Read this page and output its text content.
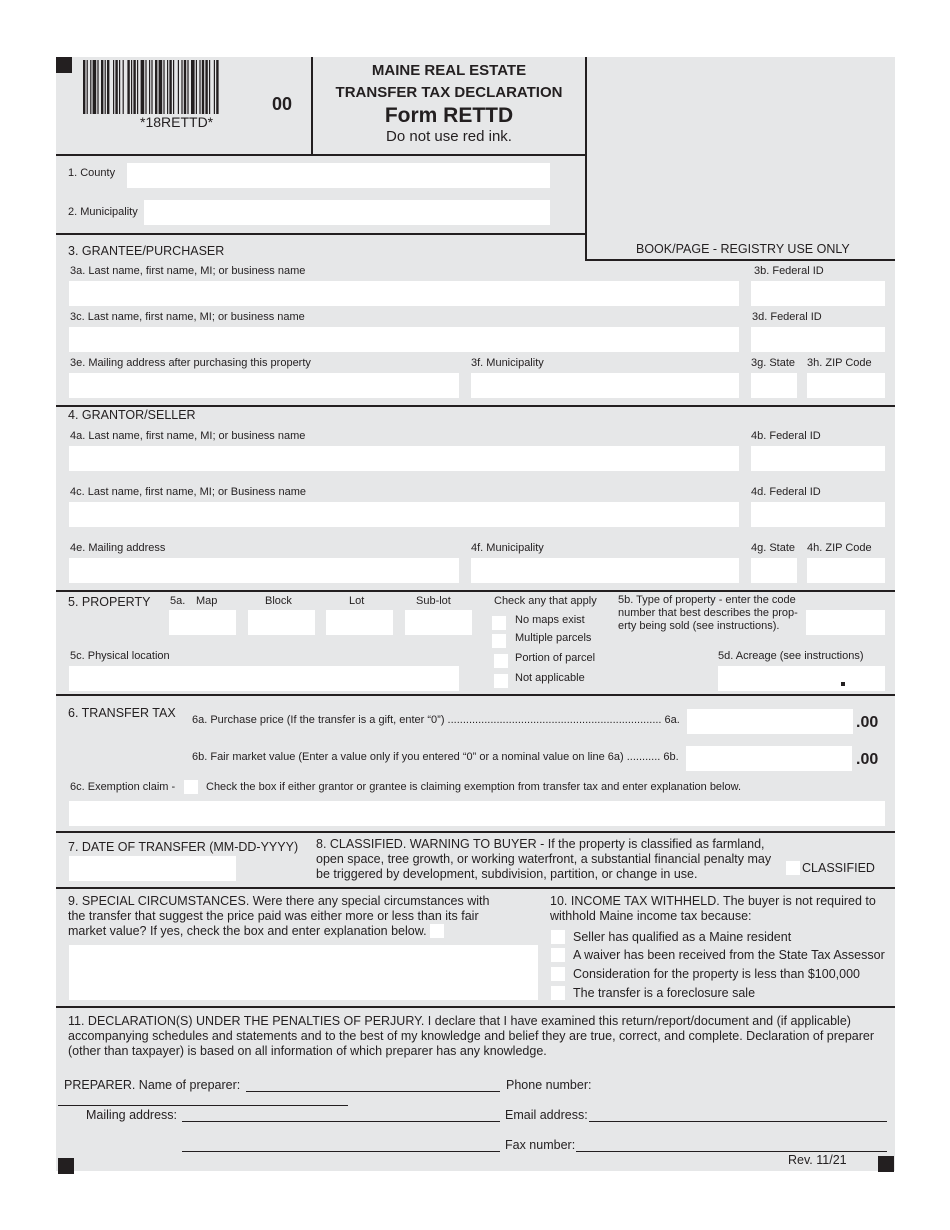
*18RETTD*
00
MAINE REAL ESTATE
TRANSFER TAX DECLARATION
Form RETTD
Do not use red ink.
1. County
2. Municipality
BOOK/PAGE - REGISTRY USE ONLY
3. GRANTEE/PURCHASER
3a. Last name, first name, MI; or business name	3b. Federal ID
3c. Last name, first name, MI; or business name	3d. Federal ID
3e. Mailing address after purchasing this property	3f. Municipality	3g. State 3h. ZIP Code
4. GRANTOR/SELLER
4a. Last name, first name, MI; or business name	4b. Federal ID
4c. Last name, first name, MI; or Business name	4d. Federal ID
4e. Mailing address	4f. Municipality	4g. State 4h. ZIP Code
5. PROPERTY 5a. Map	Block	Lot	Sub-lot	Check any that apply
No maps exist
Multiple parcels
Portion of parcel
Not applicable
5b. Type of property - enter the code
number that best describes the prop-
erty being sold (see instructions).
5c. Physical location	5d. Acreage (see instructions)
6. TRANSFER TAX 6a. Purchase price (If the transfer is a gift, enter “0”) ...................................................................... 6a.	.00
6b. Fair market value (Enter a value only if you entered “0” or a nominal value on line 6a) ........... 6b.	.00
6c. Exemption claim -	Check the box if either grantor or grantee is claiming exemption from transfer tax and enter explanation below.
7. DATE OF TRANSFER (MM-DD-YYYY) 8. CLASSIFIED. WARNING TO BUYER - If the property is classified as farmland,
open space, tree growth, or working waterfront, a substantial financial penalty may
be triggered by development, subdivision, partition, or change in use.	CLASSIFIED
9. SPECIAL CIRCUMSTANCES. Were there any special circumstances with
the transfer that suggest the price paid was either more or less than its fair
market value? If yes, check the box and enter explanation below.
10. INCOME TAX WITHHELD. The buyer is not required to
withhold Maine income tax because:
Seller has qualified as a Maine resident
A waiver has been received from the State Tax Assessor
Consideration for the property is less than $100,000
The transfer is a foreclosure sale
11. DECLARATION(S) UNDER THE PENALTIES OF PERJURY. I declare that I have examined this return/report/document and (if applicable)
accompanying schedules and statements and to the best of my knowledge and belief they are true, correct, and complete. Declaration of preparer
(other than taxpayer) is based on all information of which preparer has any knowledge.
PREPARER. Name of preparer:	Phone number:
Mailing address:	Email address:
Fax number:
Rev. 11/21
